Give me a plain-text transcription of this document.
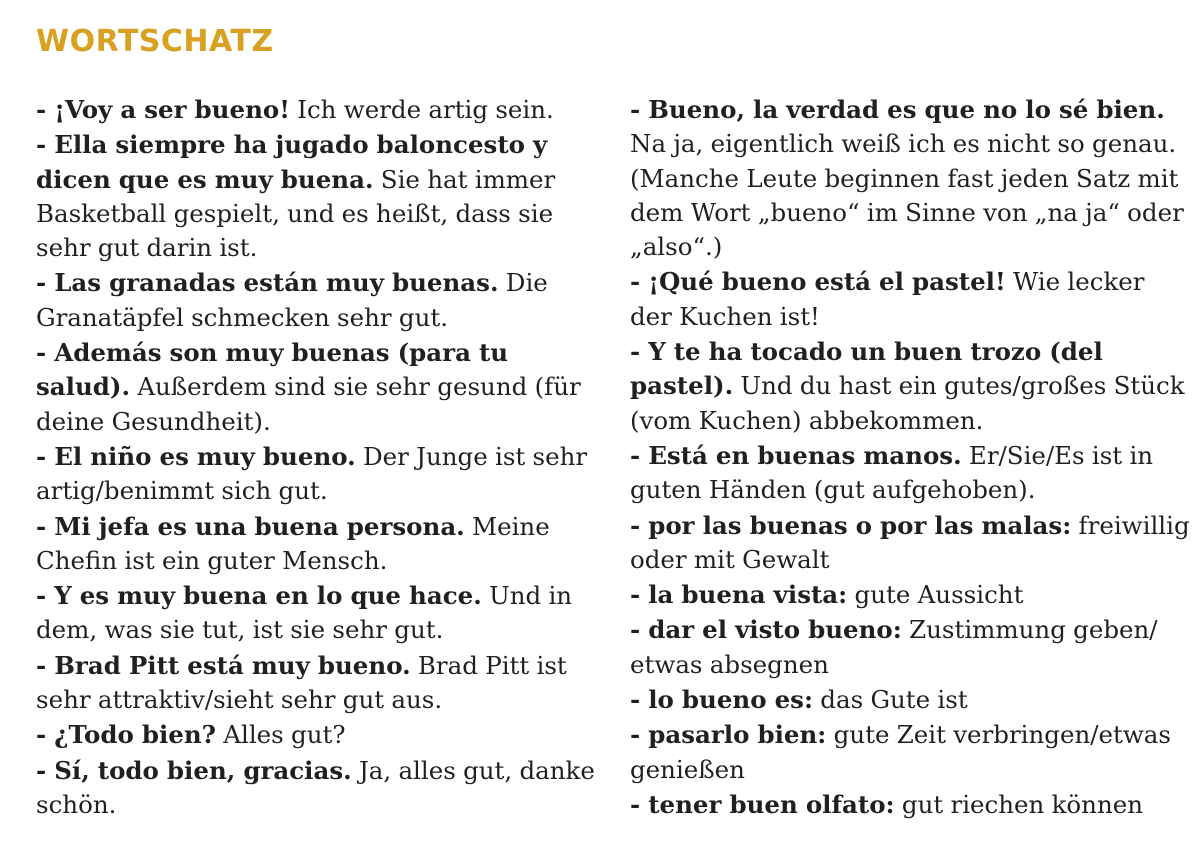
WORTSCHATZ

- ¡Voy a ser bueno! Ich werde artig sein.

- Ella siempre ha jugado baloncesto y dicen que es muy buena. Sie hat immer Basketball gespielt, und es heißt, dass sie sehr gut darin ist.

- Las granadas están muy buenas. Die Granatäpfel schmecken sehr gut.

- Además son muy buenas (para tu salud). Außerdem sind sie sehr gesund (für deine Gesundheit).

- El niño es muy bueno. Der Junge ist sehr artig/benimmt sich gut.

- Mi jefa es una buena persona. Meine Chefin ist ein guter Mensch.

- Y es muy buena en lo que hace. Und in dem, was sie tut, ist sie sehr gut.

- Brad Pitt está muy bueno. Brad Pitt ist sehr attraktiv/sieht sehr gut aus.

- ¿Todo bien? Alles gut?

- Sí, todo bien, gracias. Ja, alles gut, danke schön.

- Bueno, la verdad es que no lo sé bien. Na ja, eigentlich weiß ich es nicht so genau. (Manche Leute beginnen fast jeden Satz mit dem Wort „bueno“ im Sinne von „na ja“ oder „also“.)

- ¡Qué bueno está el pastel! Wie lecker der Kuchen ist!

- Y te ha tocado un buen trozo (del pastel). Und du hast ein gutes/großes Stück (vom Kuchen) abbekommen.

- Está en buenas manos. Er/Sie/Es ist in guten Händen (gut aufgehoben).

- por las buenas o por las malas: freiwillig oder mit Gewalt

- la buena vista: gute Aussicht

- dar el visto bueno: Zustimmung geben/ etwas absegnen

- lo bueno es: das Gute ist

- pasarlo bien: gute Zeit verbringen/etwas genießen

- tener buen olfato: gut riechen können
